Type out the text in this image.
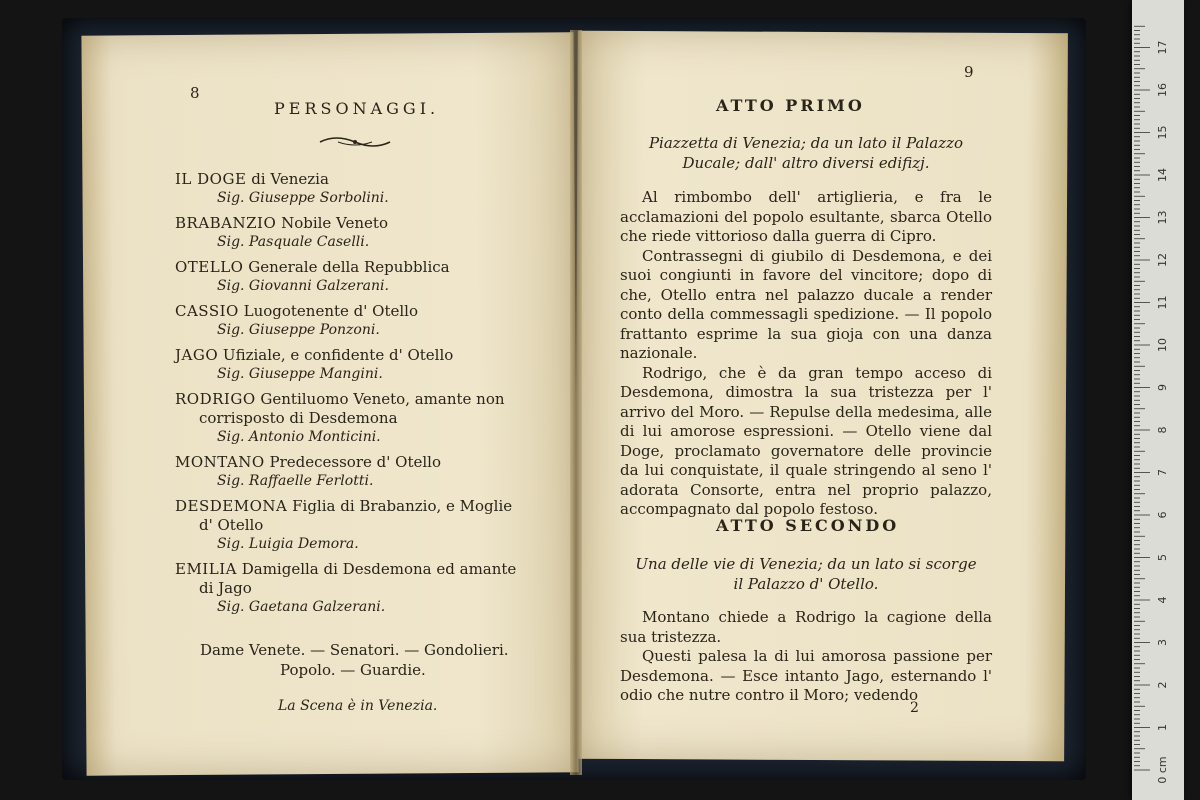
8
PERSONAGGI.
IL DOGE di Venezia
Sig. Giuseppe Sorbolini.
BRABANZIO Nobile Veneto
Sig. Pasquale Caselli.
OTELLO Generale della Repubblica
Sig. Giovanni Galzerani.
CASSIO Luogotenente d' Otello
Sig. Giuseppe Ponzoni.
JAGO Ufiziale, e confidente d' Otello
Sig. Giuseppe Mangini.
RODRIGO Gentiluomo Veneto, amante non
corrisposto di Desdemona
Sig. Antonio Monticini.
MONTANO Predecessore d' Otello
Sig. Raffaelle Ferlotti.
DESDEMONA Figlia di Brabanzio, e Moglie
d' Otello
Sig. Luigia Demora.
EMILIA Damigella di Desdemona ed amante
di Jago
Sig. Gaetana Galzerani.
Dame Venete. — Senatori. — Gondolieri.
Popolo. — Guardie.
La Scena è in Venezia.
9
ATTO PRIMO
Piazzetta di Venezia; da un lato il Palazzo
Ducale; dall' altro diversi edifizj.
Al rimbombo dell' artiglieria, e fra le acclamazioni del popolo esultante, sbarca Otello che riede vittorioso dalla guerra di Cipro.
Contrassegni di giubilo di Desdemona, e dei suoi congiunti in favore del vincitore; dopo di che, Otello entra nel palazzo ducale a render conto della commessagli spedizione. — Il popolo frattanto esprime la sua gioja con una danza nazionale.
Rodrigo, che è da gran tempo acceso di Desdemona, dimostra la sua tristezza per l' arrivo del Moro. — Repulse della medesima, alle di lui amorose espressioni. — Otello viene dal Doge, proclamato governatore delle provincie da lui conquistate, il quale stringendo al seno l' adorata Consorte, entra nel proprio palazzo, accompagnato dal popolo festoso.
ATTO SECONDO
Una delle vie di Venezia; da un lato si scorge
il Palazzo d' Otello.
Montano chiede a Rodrigo la cagione della sua tristezza.
Questi palesa la di lui amorosa passione per Desdemona. — Esce intanto Jago, esternando l' odio che nutre contro il Moro; vedendo
2
0 cm
1
2
3
4
5
6
7
8
9
10
11
12
13
14
15
16
17
